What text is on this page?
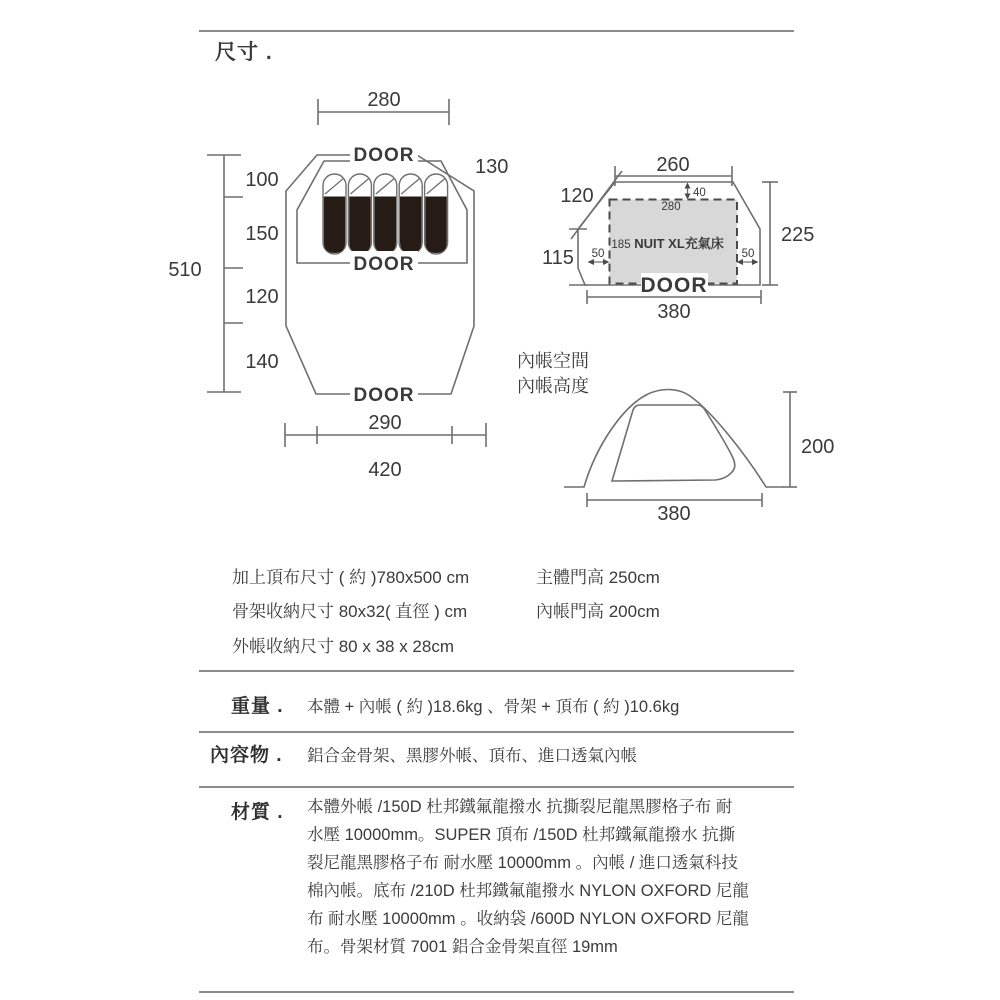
尺寸 .
280
510
100
150
120
140
DOOR
DOOR
DOOR
130
290
420
260
280
185 NUIT XL充氣床
40
50	50
120
115
225
DOOR
380
內帳空間
內帳高度
200
380
加上頂布尺寸 ( 約 )780x500 cm	主體門高 250cm
骨架收納尺寸 80x32( 直徑 ) cm	內帳門高 200cm
外帳收納尺寸 80 x 38 x 28cm
重量 . 本體 + 內帳 ( 約 )18.6kg 、骨架 + 頂布 ( 約 )10.6kg
內容物 . 鋁合金骨架、黑膠外帳、頂布、進口透氣內帳
材質 . 本體外帳 /150D 杜邦鐵氟龍撥水 抗撕裂尼龍黑膠格子布 耐
水壓 10000mm。SUPER 頂布 /150D 杜邦鐵氟龍撥水 抗撕
裂尼龍黑膠格子布 耐水壓 10000mm 。內帳 / 進口透氣科技
棉內帳。底布 /210D 杜邦鐵氟龍撥水 NYLON OXFORD 尼龍
布 耐水壓 10000mm 。收納袋 /600D NYLON OXFORD 尼龍
布。骨架材質 7001 鋁合金骨架直徑 19mm
